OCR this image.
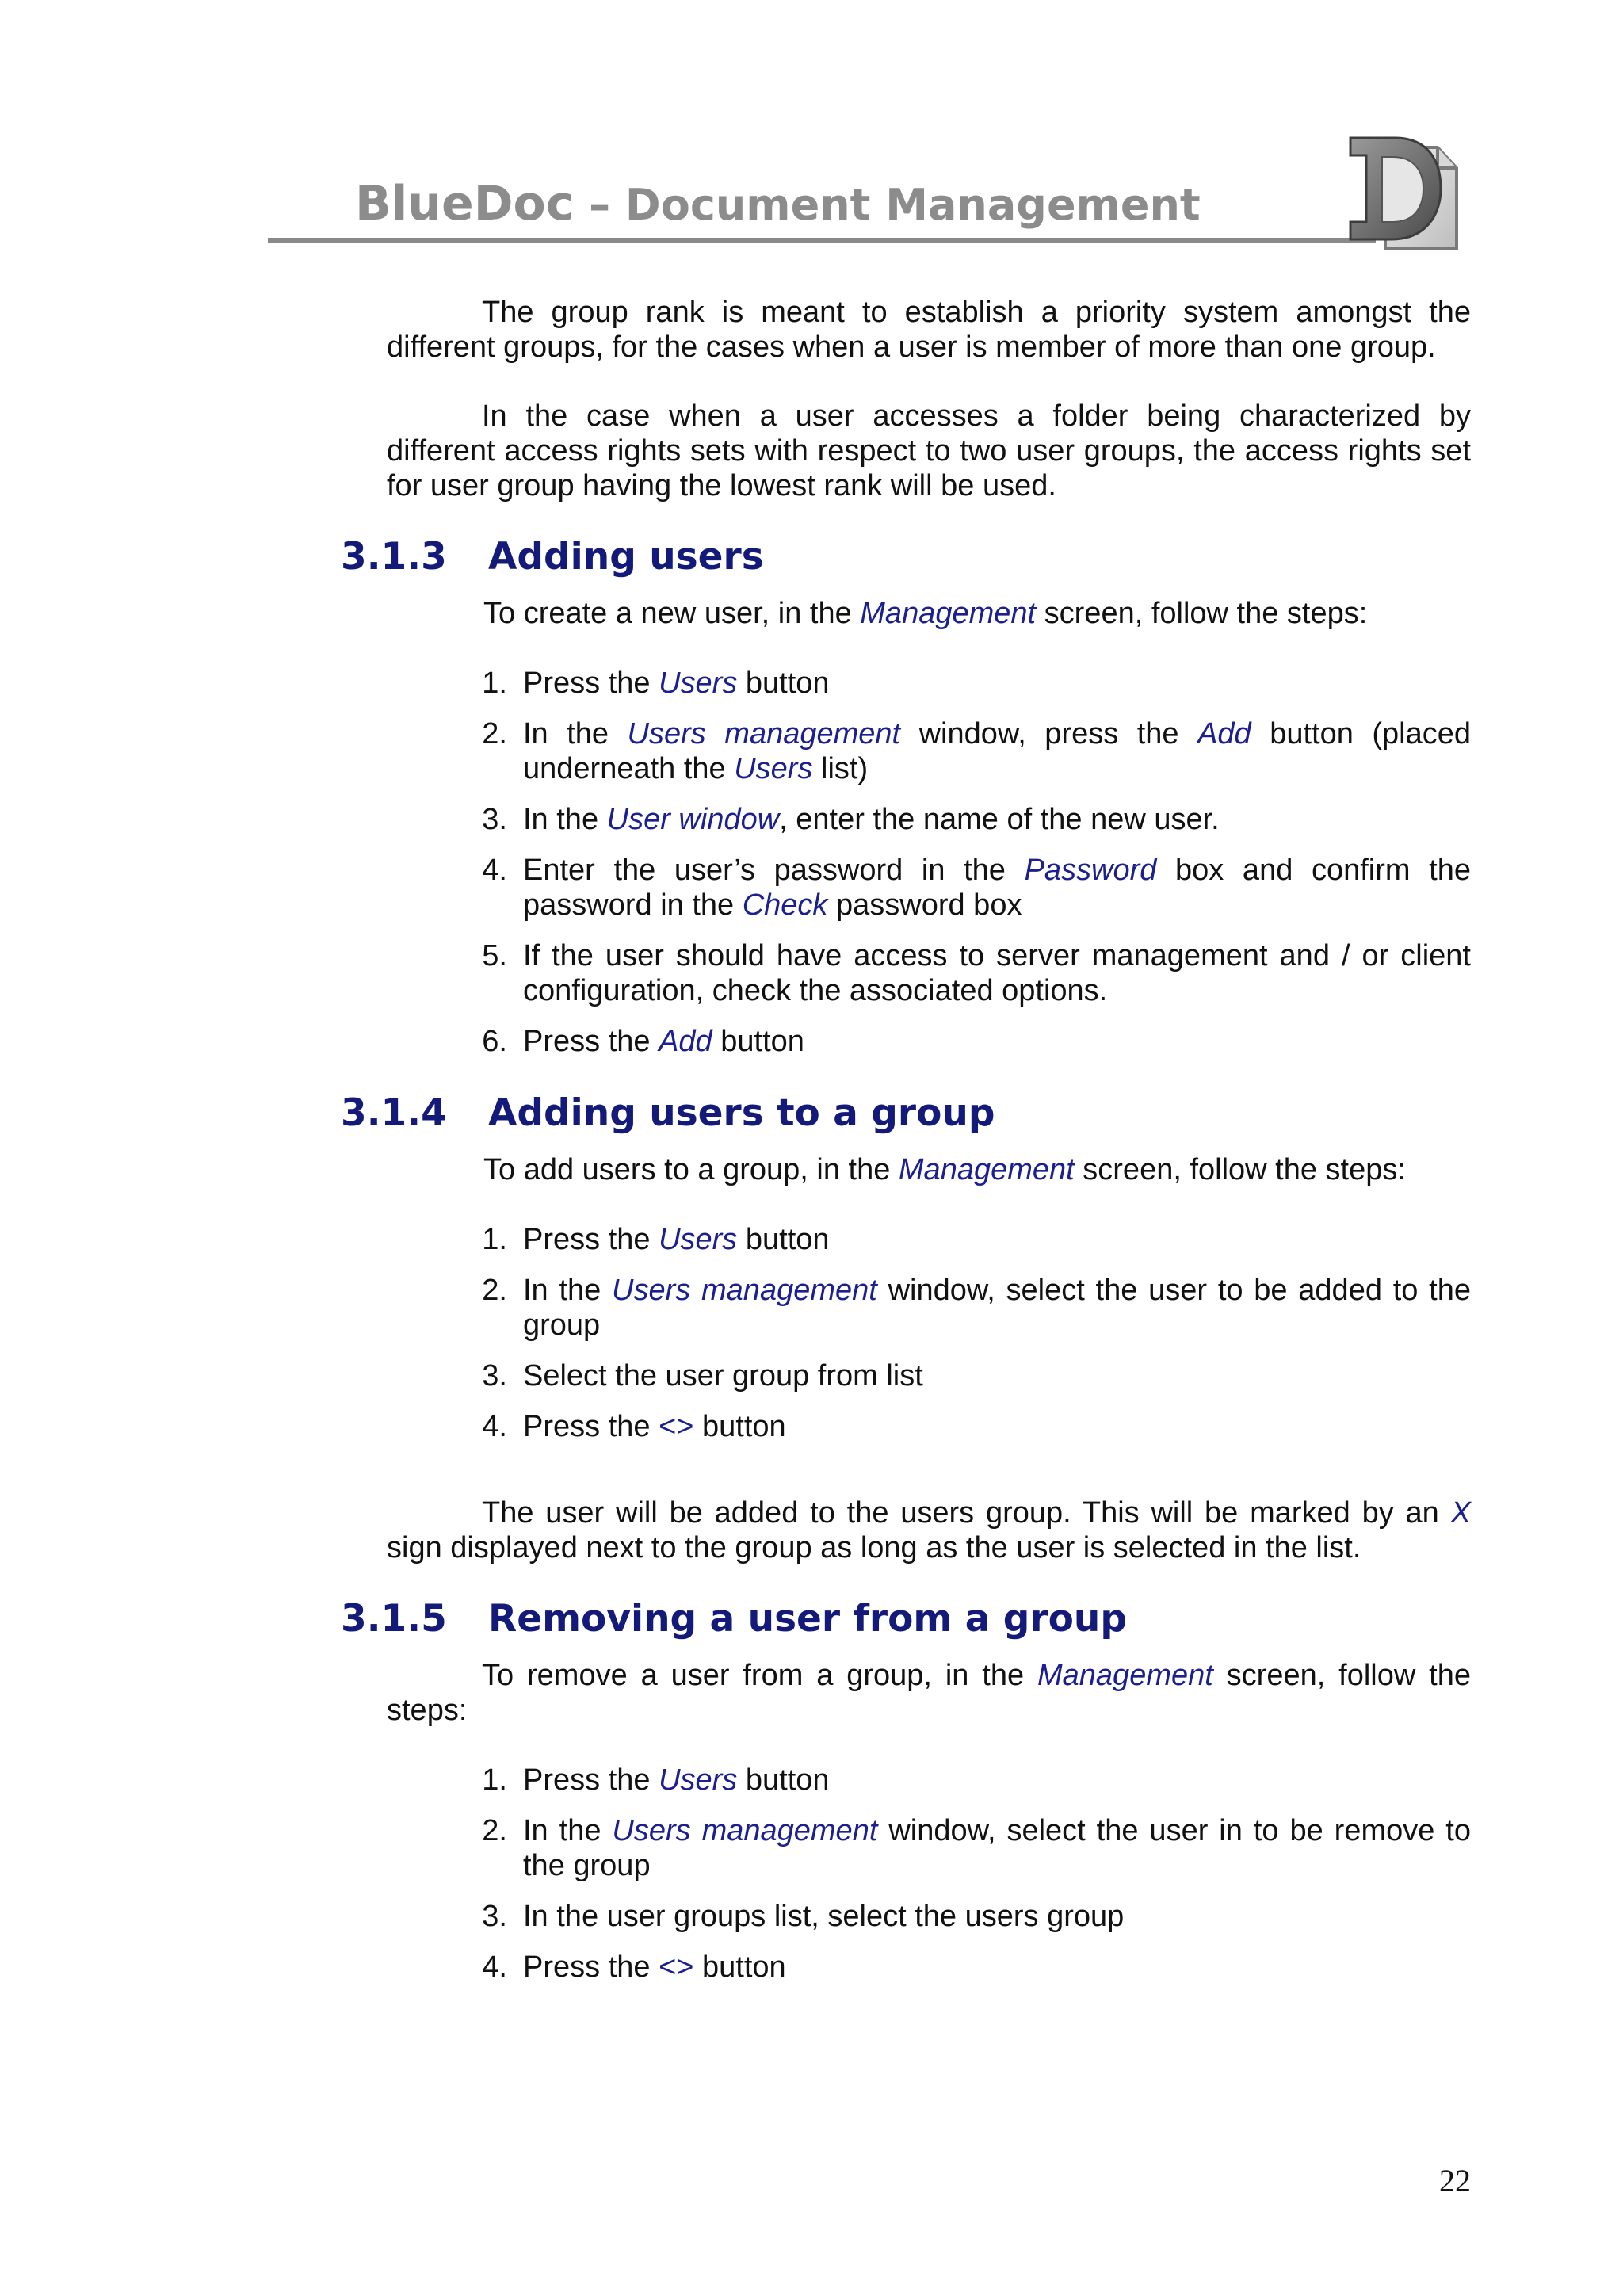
BlueDoc – Document Management
The group rank is meant to establish a priority system amongst the different groups, for the cases when a user is member of more than one group.
In the case when a user accesses a folder being characterized by different access rights sets with respect to two user groups, the access rights set for user group having the lowest rank will be used.
3.1.3 Adding users
To create a new user, in the Management screen, follow the steps:
1. Press the Users button
2. In the Users management window, press the Add button (placed underneath the Users list)
3. In the User window, enter the name of the new user.
4. Enter the user’s password in the Password box and confirm the password in the Check password box
5. If the user should have access to server management and / or client configuration, check the associated options.
6. Press the Add button
3.1.4 Adding users to a group
To add users to a group, in the Management screen, follow the steps:
1. Press the Users button
2. In the Users management window, select the user to be added to the group
3. Select the user group from list
4. Press the <> button
The user will be added to the users group. This will be marked by an X sign displayed next to the group as long as the user is selected in the list.
3.1.5 Removing a user from a group
To remove a user from a group, in the Management screen, follow the steps:
1. Press the Users button
2. In the Users management window, select the user in to be remove to the group
3. In the user groups list, select the users group
4. Press the <> button
22
